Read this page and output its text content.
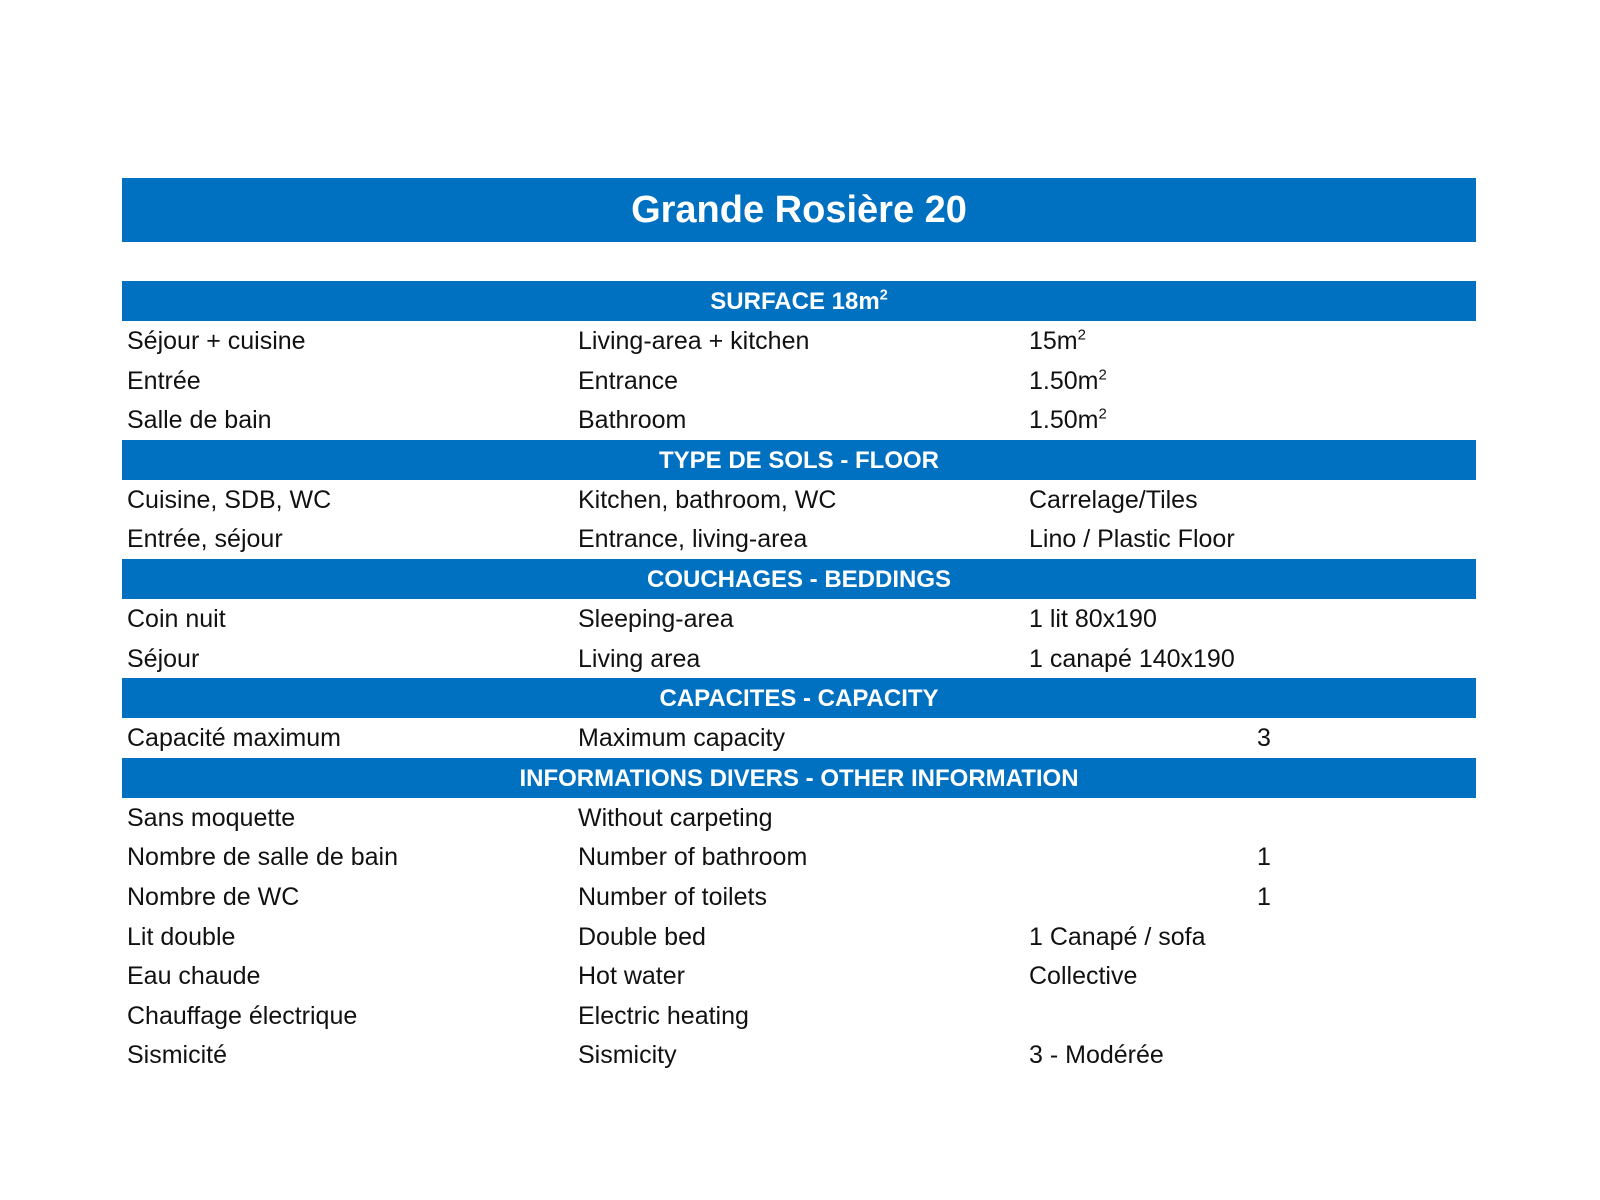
Grande Rosière 20
SURFACE $18m^2$
Séjour + cuisine	Living-area + kitchen	$15m^2$
Entrée	Entrance	$1.50m^2$
Salle de bain	Bathroom	$1.50m^2$
TYPE DE SOLS - FLOOR
Cuisine, SDB, WC	Kitchen, bathroom, WC	Carrelage/Tiles
Entrée, séjour	Entrance, living-area	Lino / Plastic Floor
COUCHAGES - BEDDINGS
Coin nuit	Sleeping-area	1 lit 80x190
Séjour	Living area	1 canapé 140x190
CAPACITES - CAPACITY
Capacité maximum	Maximum capacity	3
INFORMATIONS DIVERS - OTHER INFORMATION
Sans moquette	Without carpeting
Nombre de salle de bain	Number of bathroom	1
Nombre de WC	Number of toilets	1
Lit double	Double bed	1 Canapé / sofa
Eau chaude	Hot water	Collective
Chauffage électrique	Electric heating
Sismicité	Sismicity	3 - Modérée
